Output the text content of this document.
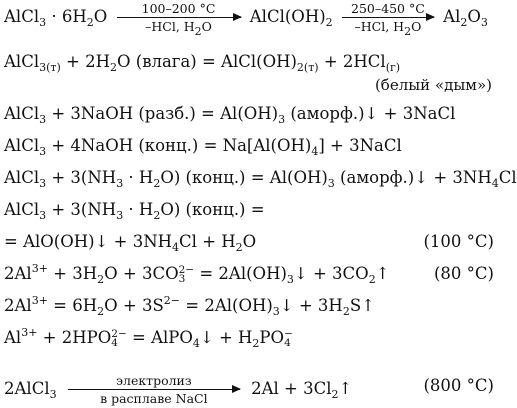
AlCl$_3$ · $6H_2O$	100–200 °C
–HCl, $H_2O$
$AlCl(OH)_2$
250–450 °C
–HCl, $H_2O$
$Al_2O_3$
AlCl$_{3(т)}$ + $2H_2O$ (влага) = $AlCl(OH)_{2(т)} + 2HCl_{(г)}$
(белый «дым»)
AlCl$_3$ + 3NaOH (разб.) = $Al(OH)_3$ (аморф.)↓ + 3NaCl
AlCl$_3$ + 4NaOH (конц.) = $Na[Al(OH)_4]$ + 3NaCl
AlCl$_3$ + $3(NH_3 \cdot H_2O)$ (конц.) = $Al(OH)_3$ (аморф.)↓ + $3NH_4Cl$
AlCl$_3$ + $3(NH_3 \cdot H_2O)$ (конц.) =
= AlO(OH)↓ + $3NH_4Cl + H_2O$	(100 °C)
$2Al^{3+} + 3H_2O + 3CO$ 2−
$3 = 2Al(OH)_3↓$ + $3CO_2↑$	(80 °C)
$2Al^{3+} = 6H_2O + 3S^{2-}$ = $2Al(OH)_3↓$ + $3H_2S↑$
$Al^{3+} + 2HPO$ 2−
4 = AlPO$_4$↓ + $H_2PO$ −
4
2AlCl$_3$
электролиз
в расплаве NaCl
$2Al + 3Cl_2↑$	(800 °C)
